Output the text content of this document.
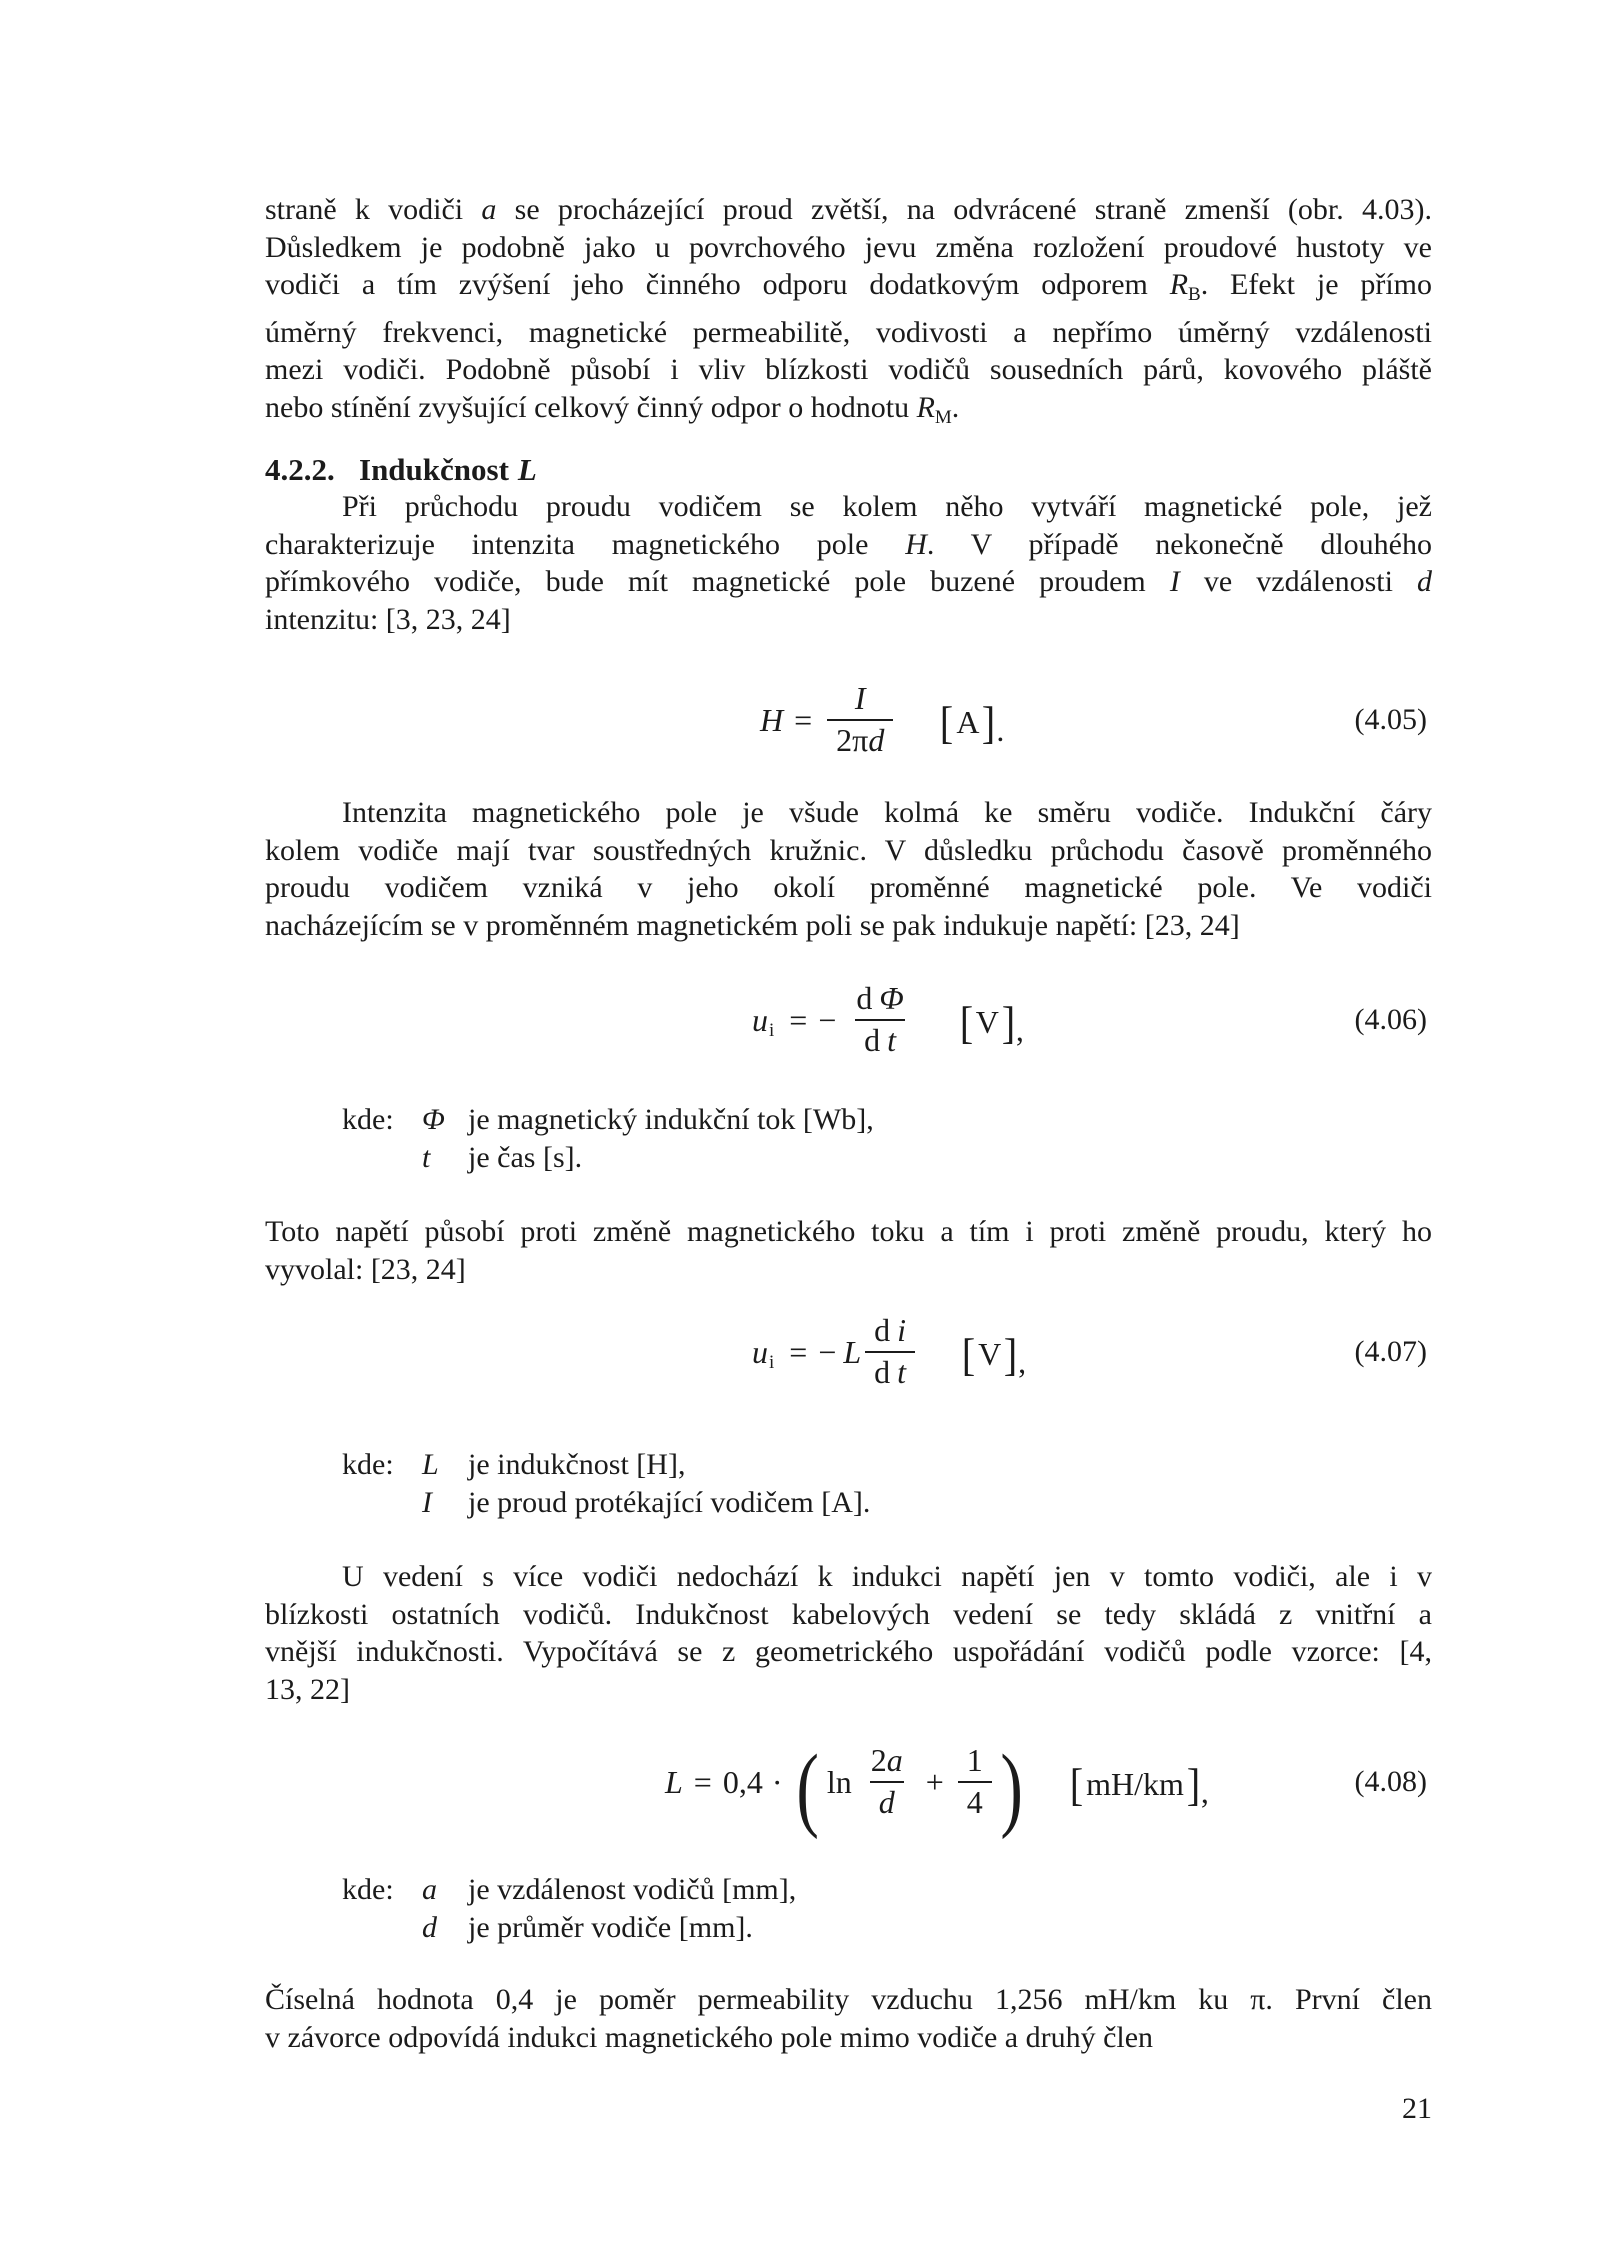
straně k vodiči a se procházející proud zvětší, na odvrácené straně zmenší (obr. 4.03).
Důsledkem je podobně jako u povrchového jevu změna rozložení proudové hustoty ve
vodiči a tím zvýšení jeho činného odporu dodatkovým odporem $R_B$. Efekt je přímo
úměrný frekvenci, magnetické permeabilitě, vodivosti a nepřímo úměrný vzdálenosti
mezi vodiči. Podobně působí i vliv blízkosti vodičů sousedních párů, kovového pláště
nebo stínění zvyšující celkový činný odpor o hodnotu $R_M$.
4.2.2. Indukčnost L
Při průchodu proudu vodičem se kolem něho vytváří magnetické pole, jež
charakterizuje intenzita magnetického pole H. V případě nekonečně dlouhého
přímkového vodiče, bude mít magnetické pole buzené proudem I ve vzdálenosti d
intenzitu: [3, 23, 24]
$H = \frac{I}{2\pi d}$ [ A ] .	(4.05)
Intenzita magnetického pole je všude kolmá ke směru vodiče. Indukční čáry
kolem vodiče mají tvar soustředných kružnic. V důsledku průchodu časově proměnného
proudu vodičem vzniká v jeho okolí proměnné magnetické pole. Ve vodiči
nacházejícím se v proměnném magnetickém poli se pak indukuje napětí: [23, 24]
u i = − $\frac{\text{d Φ}}{\text{d t}}$ [ V ] ,	(4.06)
kde: Φ je magnetický indukční tok [Wb],
t	je čas [s].
Toto napětí působí proti změně magnetického toku a tím i proti změně proudu, který ho
vyvolal: [23, 24]
u i = − L $\frac{\text{d i}}{\text{d t}}$ [ V ] ,	(4.07)
kde: L je indukčnost [H],
I	je proud protékající vodičem [A].
U vedení s více vodiči nedochází k indukci napětí jen v tomto vodiči, ale i v
blízkosti ostatních vodičů. Indukčnost kabelových vedení se tedy skládá z vnitřní a
vnější indukčnosti. Vypočítává se z geometrického uspořádání vodičů podle vzorce: [4,
13, 22]
L = 0,4 · ( $\ln \frac{2a}{d} + \frac{1}{4}$ ) [ mH/km ] ,	(4.08)
kde: a	je vzdálenost vodičů [mm],
d	je průměr vodiče [mm].
Číselná hodnota 0,4 je poměr permeability vzduchu 1,256 mH/km ku π. První člen
v závorce odpovídá indukci magnetického pole mimo vodiče a druhý člen
21
